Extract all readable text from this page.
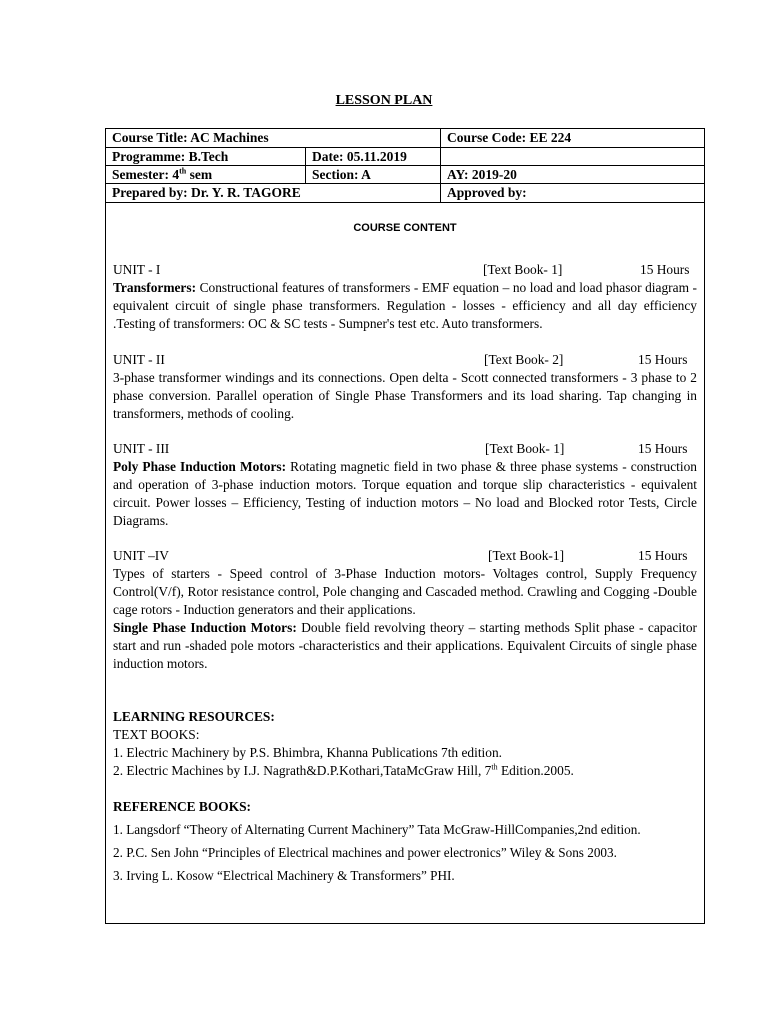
LESSON PLAN
Course Title: AC Machines	Course Code: EE 224
Programme: B.Tech	Date: 05.11.2019
Semester: 4th sem	Section: A	AY: 2019-20
Prepared by: Dr. Y. R. TAGORE	Approved by:
COURSE CONTENT
UNIT - I	[Text Book- 1]	15 Hours

Transformers: Constructional features of transformers - EMF equation – no load and load phasor diagram - equivalent circuit of single phase transformers. Regulation - losses - efficiency and all day efficiency .Testing of transformers: OC & SC tests - Sumpner's test etc. Auto transformers.

UNIT - II	[Text Book- 2]	15 Hours

3-phase transformer windings and its connections. Open delta - Scott connected transformers - 3 phase to 2 phase conversion. Parallel operation of Single Phase Transformers and its load sharing. Tap changing in transformers, methods of cooling.

UNIT - III	[Text Book- 1]	15 Hours

Poly Phase Induction Motors: Rotating magnetic field in two phase & three phase systems - construction and operation of 3-phase induction motors. Torque equation and torque slip characteristics - equivalent circuit. Power losses – Efficiency, Testing of induction motors – No load and Blocked rotor Tests, Circle Diagrams.

UNIT –IV	[Text Book-1]	15 Hours

Types of starters - Speed control of 3-Phase Induction motors- Voltages control, Supply Frequency Control(V/f), Rotor resistance control, Pole changing and Cascaded method. Crawling and Cogging -Double cage rotors - Induction generators and their applications.

Single Phase Induction Motors: Double field revolving theory – starting methods Split phase - capacitor start and run -shaded pole motors -characteristics and their applications. Equivalent Circuits of single phase induction motors.

LEARNING RESOURCES:
TEXT BOOKS:
1. Electric Machinery by P.S. Bhimbra, Khanna Publications 7th edition.
2. Electric Machines by I.J. Nagrath&D.P.Kothari,TataMcGraw Hill, 7th Edition.2005.
REFERENCE BOOKS:

1. Langsdorf “Theory of Alternating Current Machinery” Tata McGraw-HillCompanies,2nd edition.

2. P.C. Sen John “Principles of Electrical machines and power electronics” Wiley & Sons 2003.

3. Irving L. Kosow “Electrical Machinery & Transformers” PHI.
